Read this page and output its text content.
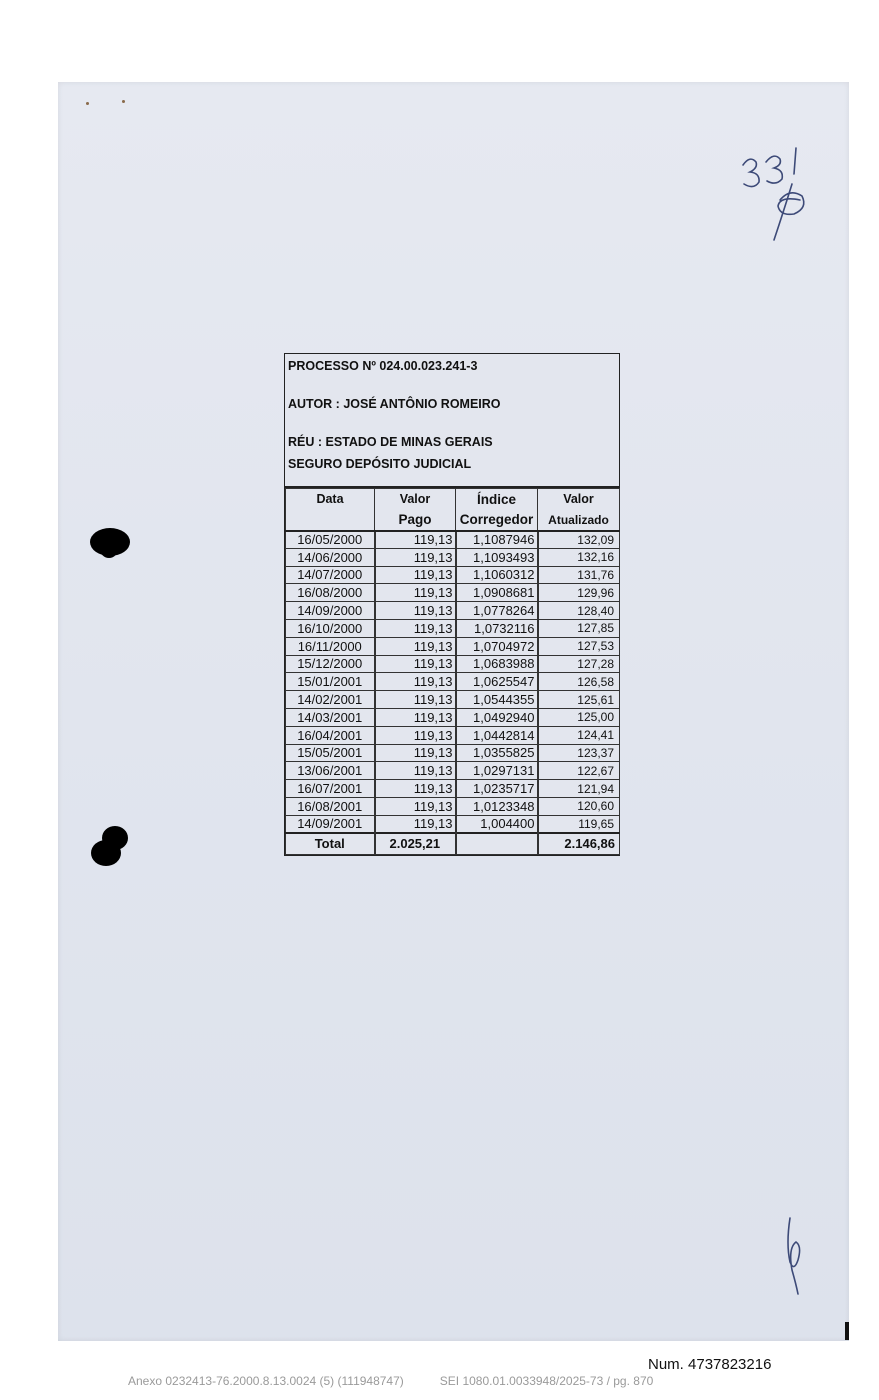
PROCESSO Nº 024.00.023.241-3
AUTOR : JOSÉ ANTÔNIO ROMEIRO
RÉU : ESTADO DE MINAS GERAIS
SEGURO DEPÓSITO JUDICIAL
Data	Valor	Índice	Valor
	Pago	Corregedor	Atualizado
16/05/2000	119,13	1,1087946	132,09
14/06/2000	119,13	1,1093493	132,16
14/07/2000	119,13	1,1060312	131,76
16/08/2000	119,13	1,0908681	129,96
14/09/2000	119,13	1,0778264	128,40
16/10/2000	119,13	1,0732116	127,85
16/11/2000	119,13	1,0704972	127,53
15/12/2000	119,13	1,0683988	127,28
15/01/2001	119,13	1,0625547	126,58
14/02/2001	119,13	1,0544355	125,61
14/03/2001	119,13	1,0492940	125,00
16/04/2001	119,13	1,0442814	124,41
15/05/2001	119,13	1,0355825	123,37
13/06/2001	119,13	1,0297131	122,67
16/07/2001	119,13	1,0235717	121,94
16/08/2001	119,13	1,0123348	120,60
14/09/2001	119,13	1,004400	119,65
Total	2.025,21		2.146,86
Num. 4737823216
Anexo 0232413-76.2000.8.13.0024 (5) (111948747)	SEI 1080.01.0033948/2025-73 / pg. 870
